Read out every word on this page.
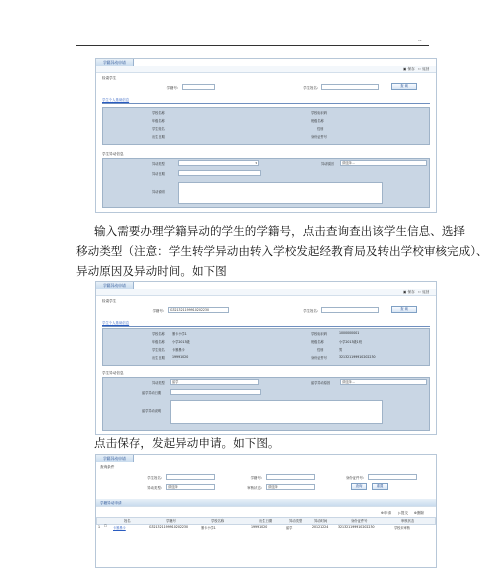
..
学籍异动申请
▣ 保存 ⇦ 返回
检索学生
学籍号:	学生姓名:	查 询
学生个人基础信息
学校名称	学校标识码
年级名称	班级名称
学生姓名	性别
出生日期	身份证件号
学生异动信息
异动类型	▾	异动原因	请选择...
异动日期
异动说明
输入需要办理学籍异动的学生的学籍号，点击查询查出该学生信息、选择
移动类型（注意：学生转学异动由转入学校发起经教育局及转出学校审核完成）、
异动原因及异动时间。如下图
学籍异动申请
▣ 保存 ⇦ 返回
检索学生
学籍号:	G321321199910202230	学生姓名:	查 询
学生个人基础信息
学校名称 墨卡小学1	学校标识码	1000000001
年级名称 小学2013级	班级名称	小学2013级1班
学生姓名 卡墨墨卡	性别	男
出生日期 19991020	身份证件号	321321199910202230
学生异动信息
异动类型	留学	留学异动原因	请选择...
留学异动日期
留学异动说明
点击保存，发起异动申请。如下图。
学籍异动申请
查询条件
学生姓名:	学籍号:	身份证件号:
异动类型:	请选择	审核状态:	请选择	查询	重置
学籍异动申请
⊕申请 ▷提交 ⊗删除
姓名	学籍号	学校名称	出生日期	异动类型	异动时间	身份证件号	审核状态
1 ☐ 卡墨墨卡	G321321199910202230	墨卡小学1	19991020	留学	20121224	321321199910202230	学校未审核
